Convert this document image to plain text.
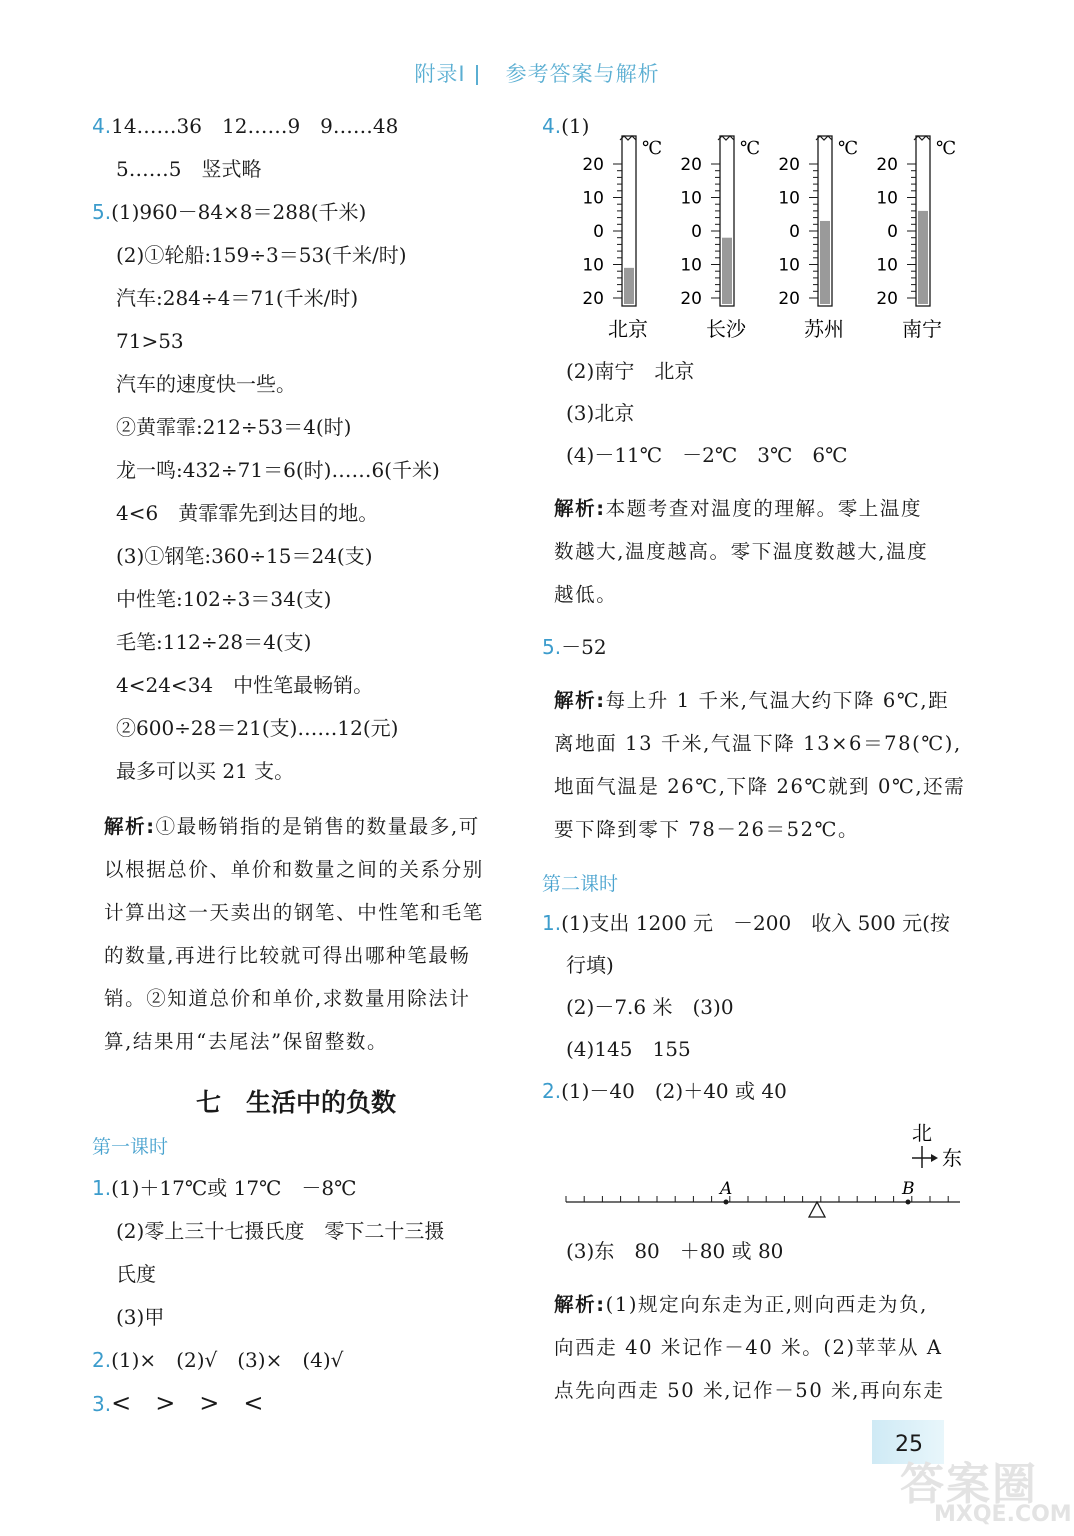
附录Ⅰ 参考答案与解析
4.14……36　12……9　9……48
5……5　竖式略
5.(1)960－84×8＝288(千米)
(2)①轮船:159÷3＝53(千米/时)
汽车:284÷4＝71(千米/时)
71>53
汽车的速度快一些。
②黄霏霏:212÷53＝4(时)
龙一鸣:432÷71＝6(时)……6(千米)
4<6　黄霏霏先到达目的地。
(3)①钢笔:360÷15＝24(支)
中性笔:102÷3＝34(支)
毛笔:112÷28＝4(支)
4<24<34　中性笔最畅销。
②600÷28＝21(支)……12(元)
最多可以买 21 支。
解析:①最畅销指的是销售的数量最多,可
以根据总价、单价和数量之间的关系分别
计算出这一天卖出的钢笔、中性笔和毛笔
的数量,再进行比较就可得出哪种笔最畅
销。②知道总价和单价,求数量用除法计
算,结果用“去尾法”保留整数。
七　生活中的负数
第一课时
1.(1)＋17℃或 17℃　－8℃
(2)零上三十七摄氏度　零下二十三摄
氏度
(3)甲
2.(1)×　(2)√　(3)×　(4)√
3.<　>　>　<
4.(1)
20
10
0
10
20
℃
北京
20
10
0
10
20
℃
长沙
20
10
0
10
20
℃
苏州
20
10
0
10
20
℃
南宁
(2)南宁　北京
(3)北京
(4)－11℃　－2℃　3℃　6℃
解析:本题考查对温度的理解。零上温度
数越大,温度越高。零下温度数越大,温度
越低。
5.－52
解析:每上升 1 千米,气温大约下降 6℃,距
离地面 13 千米,气温下降 13×6＝78(℃),
地面气温是 26℃,下降 26℃就到 0℃,还需
要下降到零下 78－26＝52℃。
第二课时
1.(1)支出 1200 元　－200　收入 500 元(按
行填)
(2)－7.6 米　(3)0
(4)145　155
2.(1)－40　(2)＋40 或 40
北
东
A	B
(3)东　80　＋80 或 80
解析:(1)规定向东走为正,则向西走为负,
向西走 40 米记作－40 米。(2)苹苹从 A
点先向西走 50 米,记作－50 米,再向东走
25
答案圈
MXQE.COM
